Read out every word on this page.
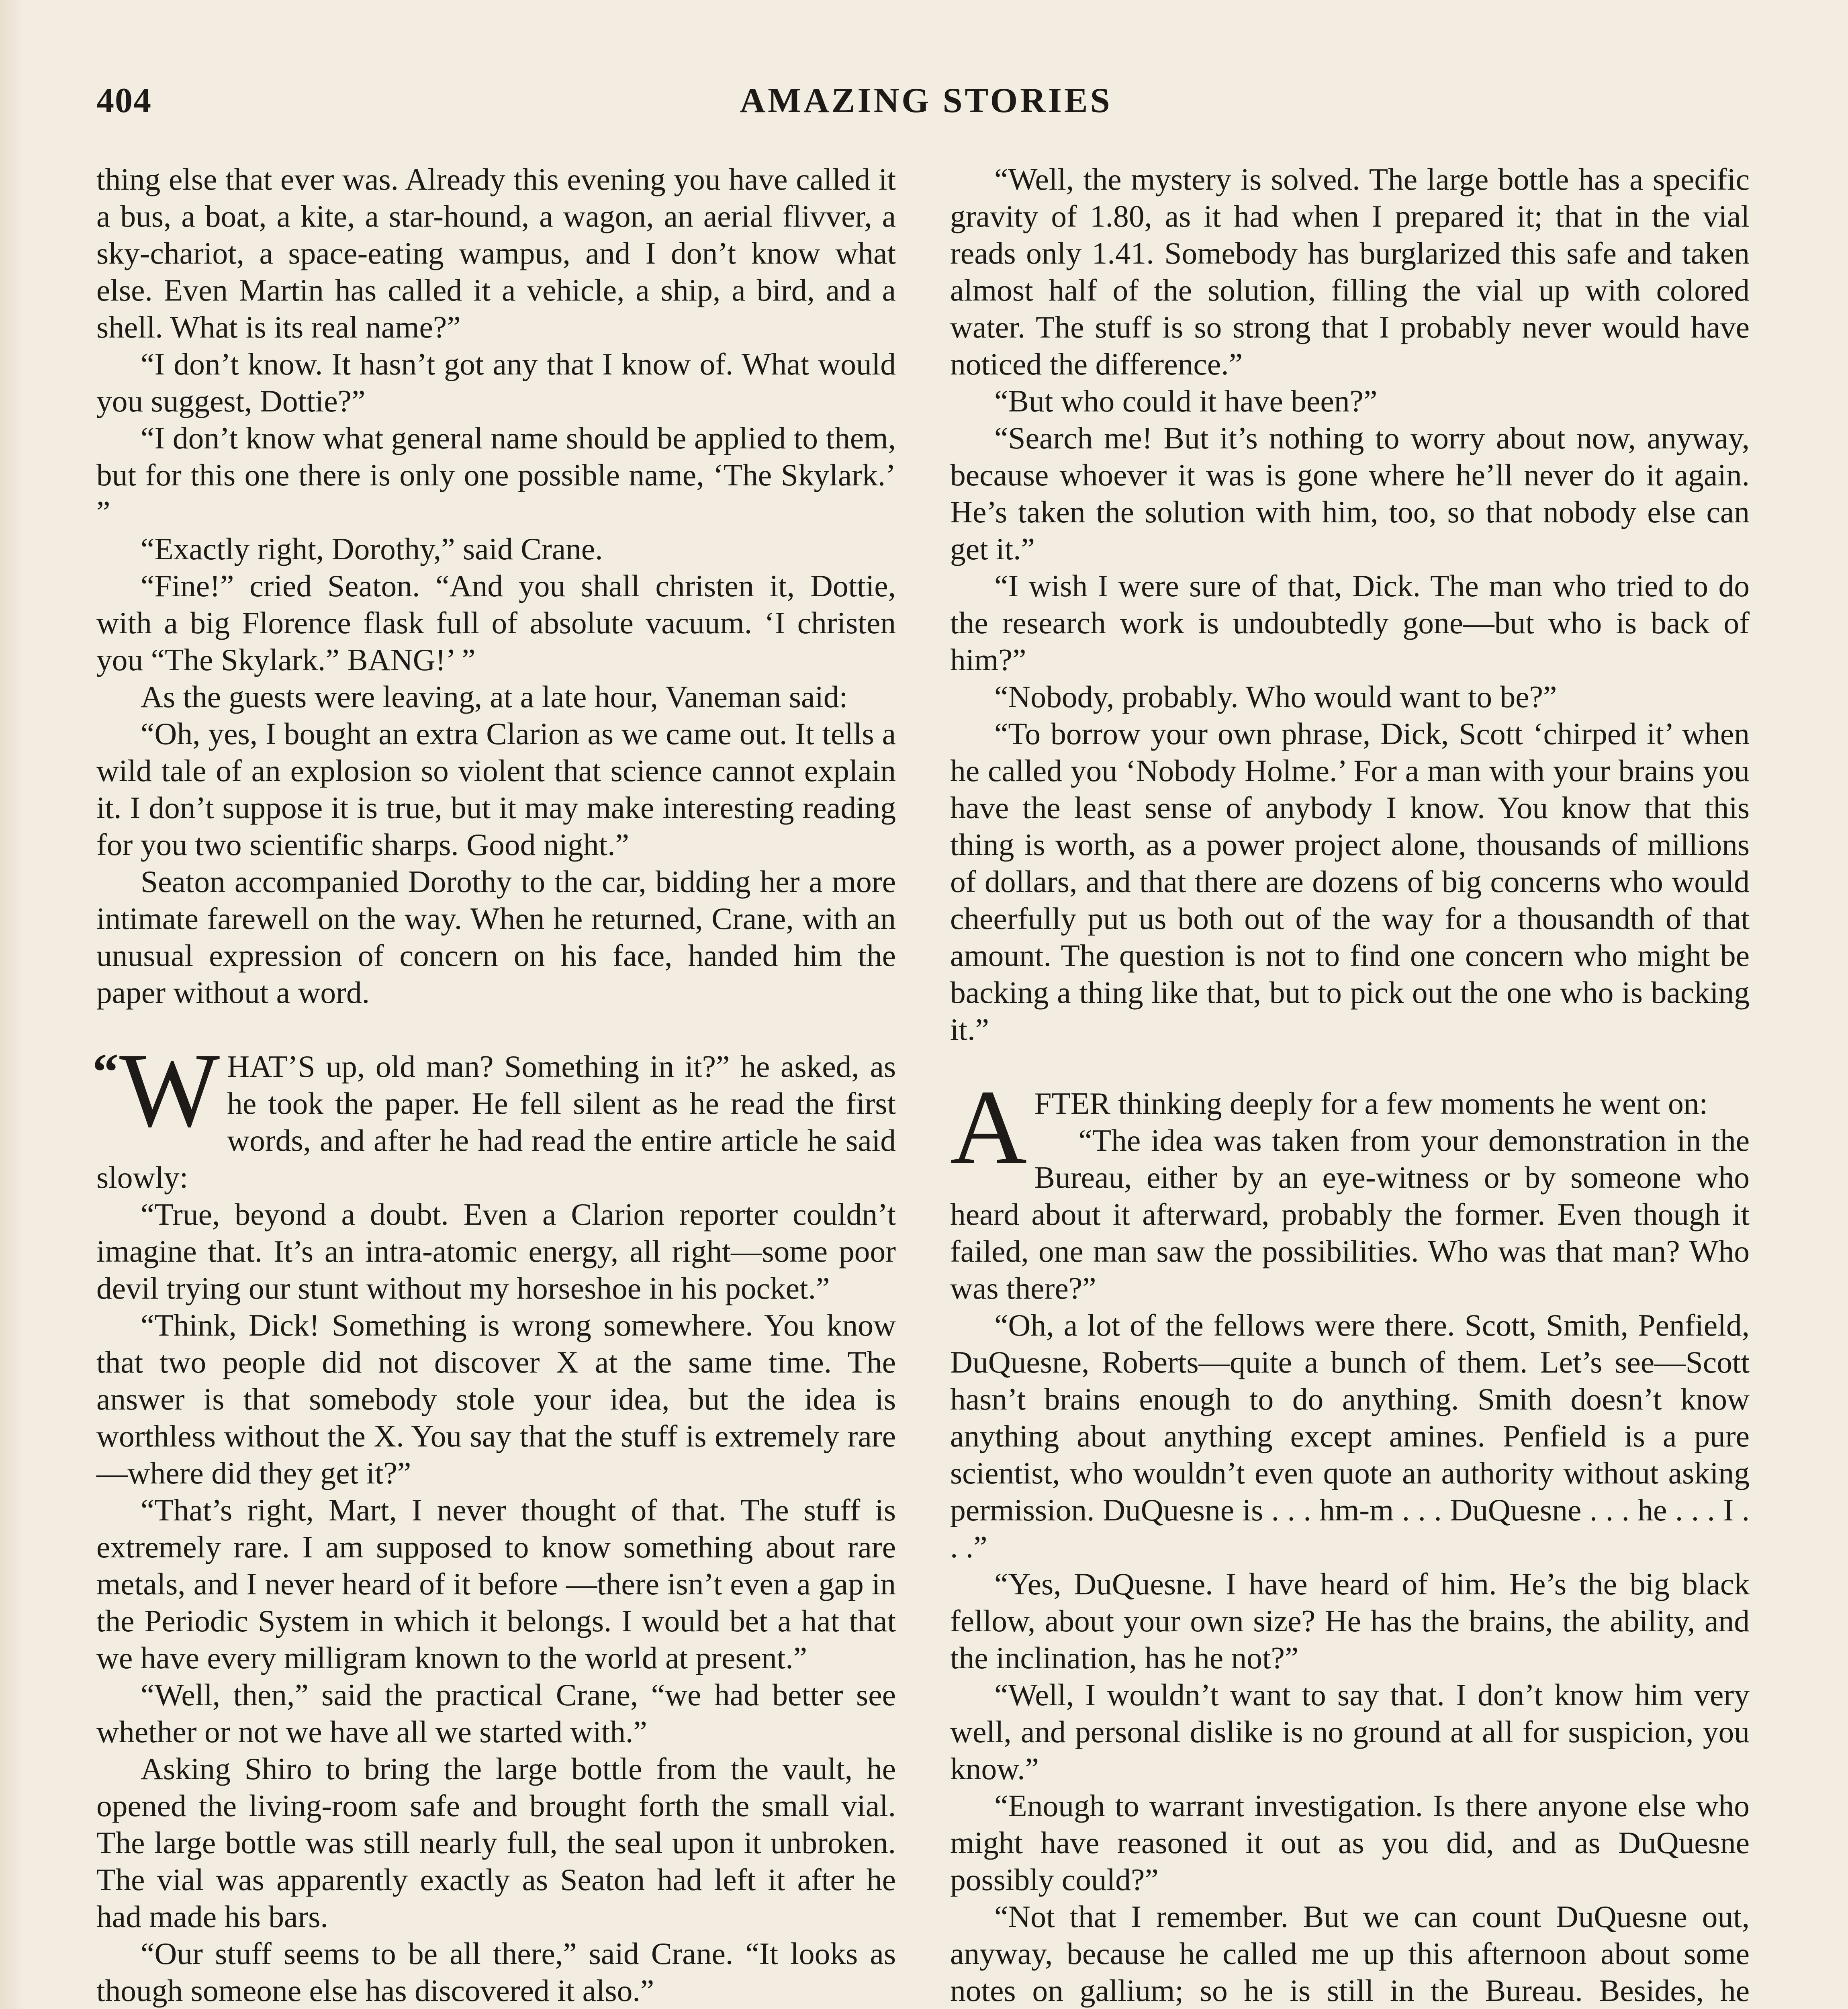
404	AMAZING STORIES

thing else that ever was. Already this evening you have called it a bus, a boat, a kite, a star-hound, a wagon, an aerial flivver, a sky-chariot, a space-eating wampus, and I don’t know what else. Even Martin has called it a vehicle, a ship, a bird, and a shell. What is its real name?”

“I don’t know. It hasn’t got any that I know of. What would you suggest, Dottie?”

“I don’t know what general name should be applied to them, but for this one there is only one possible name, ‘The Skylark.’ ”

“Exactly right, Dorothy,” said Crane.

“Fine!” cried Seaton. “And you shall christen it, Dottie, with a big Florence flask full of absolute vacuum. ‘I christen you “The Skylark.” BANG!’ ”

As the guests were leaving, at a late hour, Vaneman said:

“Oh, yes, I bought an extra Clarion as we came out. It tells a wild tale of an explosion so violent that science cannot explain it. I don’t suppose it is true, but it may make interesting reading for you two scientific sharps. Good night.”

Seaton accompanied Dorothy to the car, bidding her a more intimate farewell on the way. When he returned, Crane, with an unusual expression of concern on his face, handed him the paper without a word.

“ W HAT’S up, old man? Something in it?” he asked, as he took the paper. He fell silent as he read the first words, and after he had read the entire article he said slowly:

“True, beyond a doubt. Even a Clarion reporter couldn’t imagine that. It’s an intra-atomic energy, all right—some poor devil trying our stunt without my horseshoe in his pocket.”

“Think, Dick! Something is wrong somewhere. You know that two people did not discover X at the same time. The answer is that somebody stole your idea, but the idea is worthless without the X. You say that the stuff is extremely rare—where did they get it?”

“That’s right, Mart, I never thought of that. The stuff is extremely rare. I am supposed to know something about rare metals, and I never heard of it before —there isn’t even a gap in the Periodic System in which it belongs. I would bet a hat that we have every milligram known to the world at present.”

“Well, then,” said the practical Crane, “we had better see whether or not we have all we started with.”

Asking Shiro to bring the large bottle from the vault, he opened the living-room safe and brought forth the small vial. The large bottle was still nearly full, the seal upon it unbroken. The vial was apparently exactly as Seaton had left it after he had made his bars.

“Our stuff seems to be all there,” said Crane. “It looks as though someone else has discovered it also.”

“Well, the mystery is solved. The large bottle has a specific gravity of 1.80, as it had when I prepared it; that in the vial reads only 1.41. Somebody has burglarized this safe and taken almost half of the solution, filling the vial up with colored water. The stuff is so strong that I probably never would have noticed the difference.”

“But who could it have been?”

“Search me! But it’s nothing to worry about now, anyway, because whoever it was is gone where he’ll never do it again. He’s taken the solution with him, too, so that nobody else can get it.”

“I wish I were sure of that, Dick. The man who tried to do the research work is undoubtedly gone—but who is back of him?”

“Nobody, probably. Who would want to be?”

“To borrow your own phrase, Dick, Scott ‘chirped it’ when he called you ‘Nobody Holme.’ For a man with your brains you have the least sense of anybody I know. You know that this thing is worth, as a power project alone, thousands of millions of dollars, and that there are dozens of big concerns who would cheerfully put us both out of the way for a thousandth of that amount. The question is not to find one concern who might be backing a thing like that, but to pick out the one who is backing it.”

AFTER thinking deeply for a few moments he went on:

“The idea was taken from your demonstration in the Bureau, either by an eye-witness or by someone who heard about it afterward, probably the former. Even though it failed, one man saw the possibilities. Who was that man? Who was there?”

“Oh, a lot of the fellows were there. Scott, Smith, Penfield, DuQuesne, Roberts—quite a bunch of them. Let’s see—Scott hasn’t brains enough to do anything. Smith doesn’t know anything about anything except amines. Penfield is a pure scientist, who wouldn’t even quote an authority without asking permission. DuQuesne is . . . hm-m . . . DuQuesne . . . he . . . I . . .”

“Yes, DuQuesne. I have heard of him. He’s the big black fellow, about your own size? He has the brains, the ability, and the inclination, has he not?”

“Well, I wouldn’t want to say that. I don’t know him very well, and personal dislike is no ground at all for suspicion, you know.”

“Enough to warrant investigation. Is there anyone else who might have reasoned it out as you did, and as DuQuesne possibly could?”

“Not that I remember. But we can count DuQuesne out, anyway, because he called me up this afternoon about some notes on gallium; so he is still in the Bureau. Besides, he
